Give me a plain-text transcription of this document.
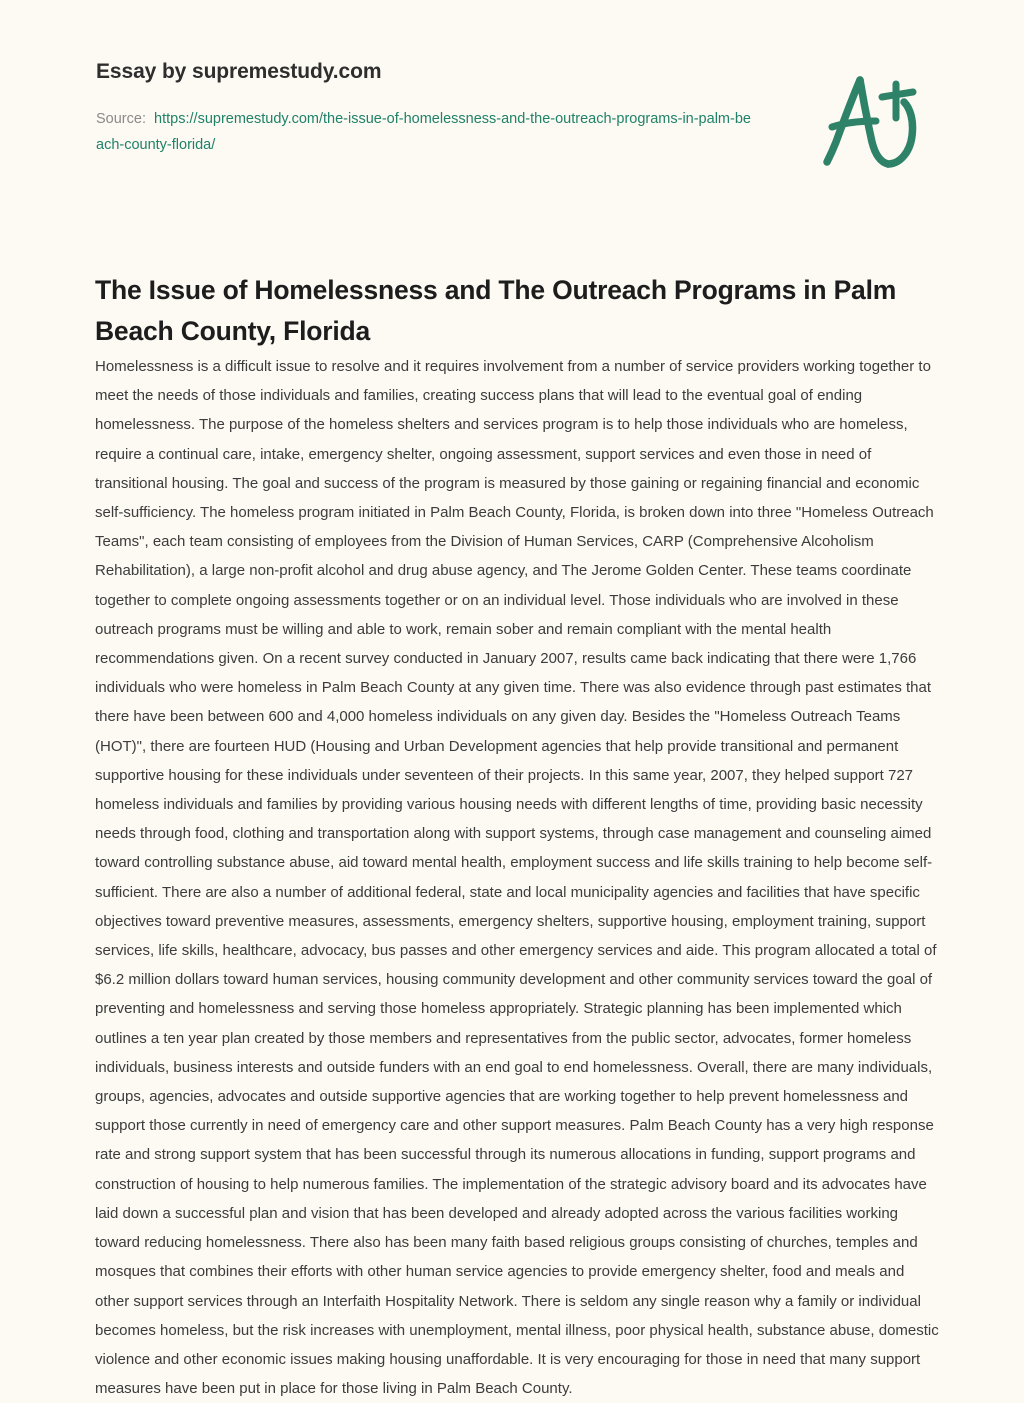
Essay by supremestudy.com
Source: https://supremestudy.com/the-issue-of-homelessness-and-the-outreach-programs-in-palm-beach-county-florida/
The Issue of Homelessness and The Outreach Programs in Palm Beach County, Florida

Homelessness is a difficult issue to resolve and it requires involvement from a number of service providers working together to meet the needs of those individuals and families, creating success plans that will lead to the eventual goal of ending homelessness. The purpose of the homeless shelters and services program is to help those individuals who are homeless, require a continual care, intake, emergency shelter, ongoing assessment, support services and even those in need of transitional housing. The goal and success of the program is measured by those gaining or regaining financial and economic self-sufficiency. The homeless program initiated in Palm Beach County, Florida, is broken down into three "Homeless Outreach Teams", each team consisting of employees from the Division of Human Services, CARP (Comprehensive Alcoholism Rehabilitation), a large non-profit alcohol and drug abuse agency, and The Jerome Golden Center. These teams coordinate together to complete ongoing assessments together or on an individual level. Those individuals who are involved in these outreach programs must be willing and able to work, remain sober and remain compliant with the mental health recommendations given. On a recent survey conducted in January 2007, results came back indicating that there were 1,766 individuals who were homeless in Palm Beach County at any given time. There was also evidence through past estimates that there have been between 600 and 4,000 homeless individuals on any given day. Besides the "Homeless Outreach Teams (HOT)", there are fourteen HUD (Housing and Urban Development agencies that help provide transitional and permanent supportive housing for these individuals under seventeen of their projects. In this same year, 2007, they helped support 727 homeless individuals and families by providing various housing needs with different lengths of time, providing basic necessity needs through food, clothing and transportation along with support systems, through case management and counseling aimed toward controlling substance abuse, aid toward mental health, employment success and life skills training to help become self-sufficient. There are also a number of additional federal, state and local municipality agencies and facilities that have specific objectives toward preventive measures, assessments, emergency shelters, supportive housing, employment training, support services, life skills, healthcare, advocacy, bus passes and other emergency services and aide. This program allocated a total of $6.2 million dollars toward human services, housing community development and other community services toward the goal of preventing and homelessness and serving those homeless appropriately. Strategic planning has been implemented which outlines a ten year plan created by those members and representatives from the public sector, advocates, former homeless individuals, business interests and outside funders with an end goal to end homelessness. Overall, there are many individuals, groups, agencies, advocates and outside supportive agencies that are working together to help prevent homelessness and support those currently in need of emergency care and other support measures. Palm Beach County has a very high response rate and strong support system that has been successful through its numerous allocations in funding, support programs and construction of housing to help numerous families. The implementation of the strategic advisory board and its advocates have laid down a successful plan and vision that has been developed and already adopted across the various facilities working toward reducing homelessness. There also has been many faith based religious groups consisting of churches, temples and mosques that combines their efforts with other human service agencies to provide emergency shelter, food and meals and other support services through an Interfaith Hospitality Network. There is seldom any single reason why a family or individual becomes homeless, but the risk increases with unemployment, mental illness, poor physical health, substance abuse, domestic violence and other economic issues making housing unaffordable. It is very encouraging for those in need that many support measures have been put in place for those living in Palm Beach County.
